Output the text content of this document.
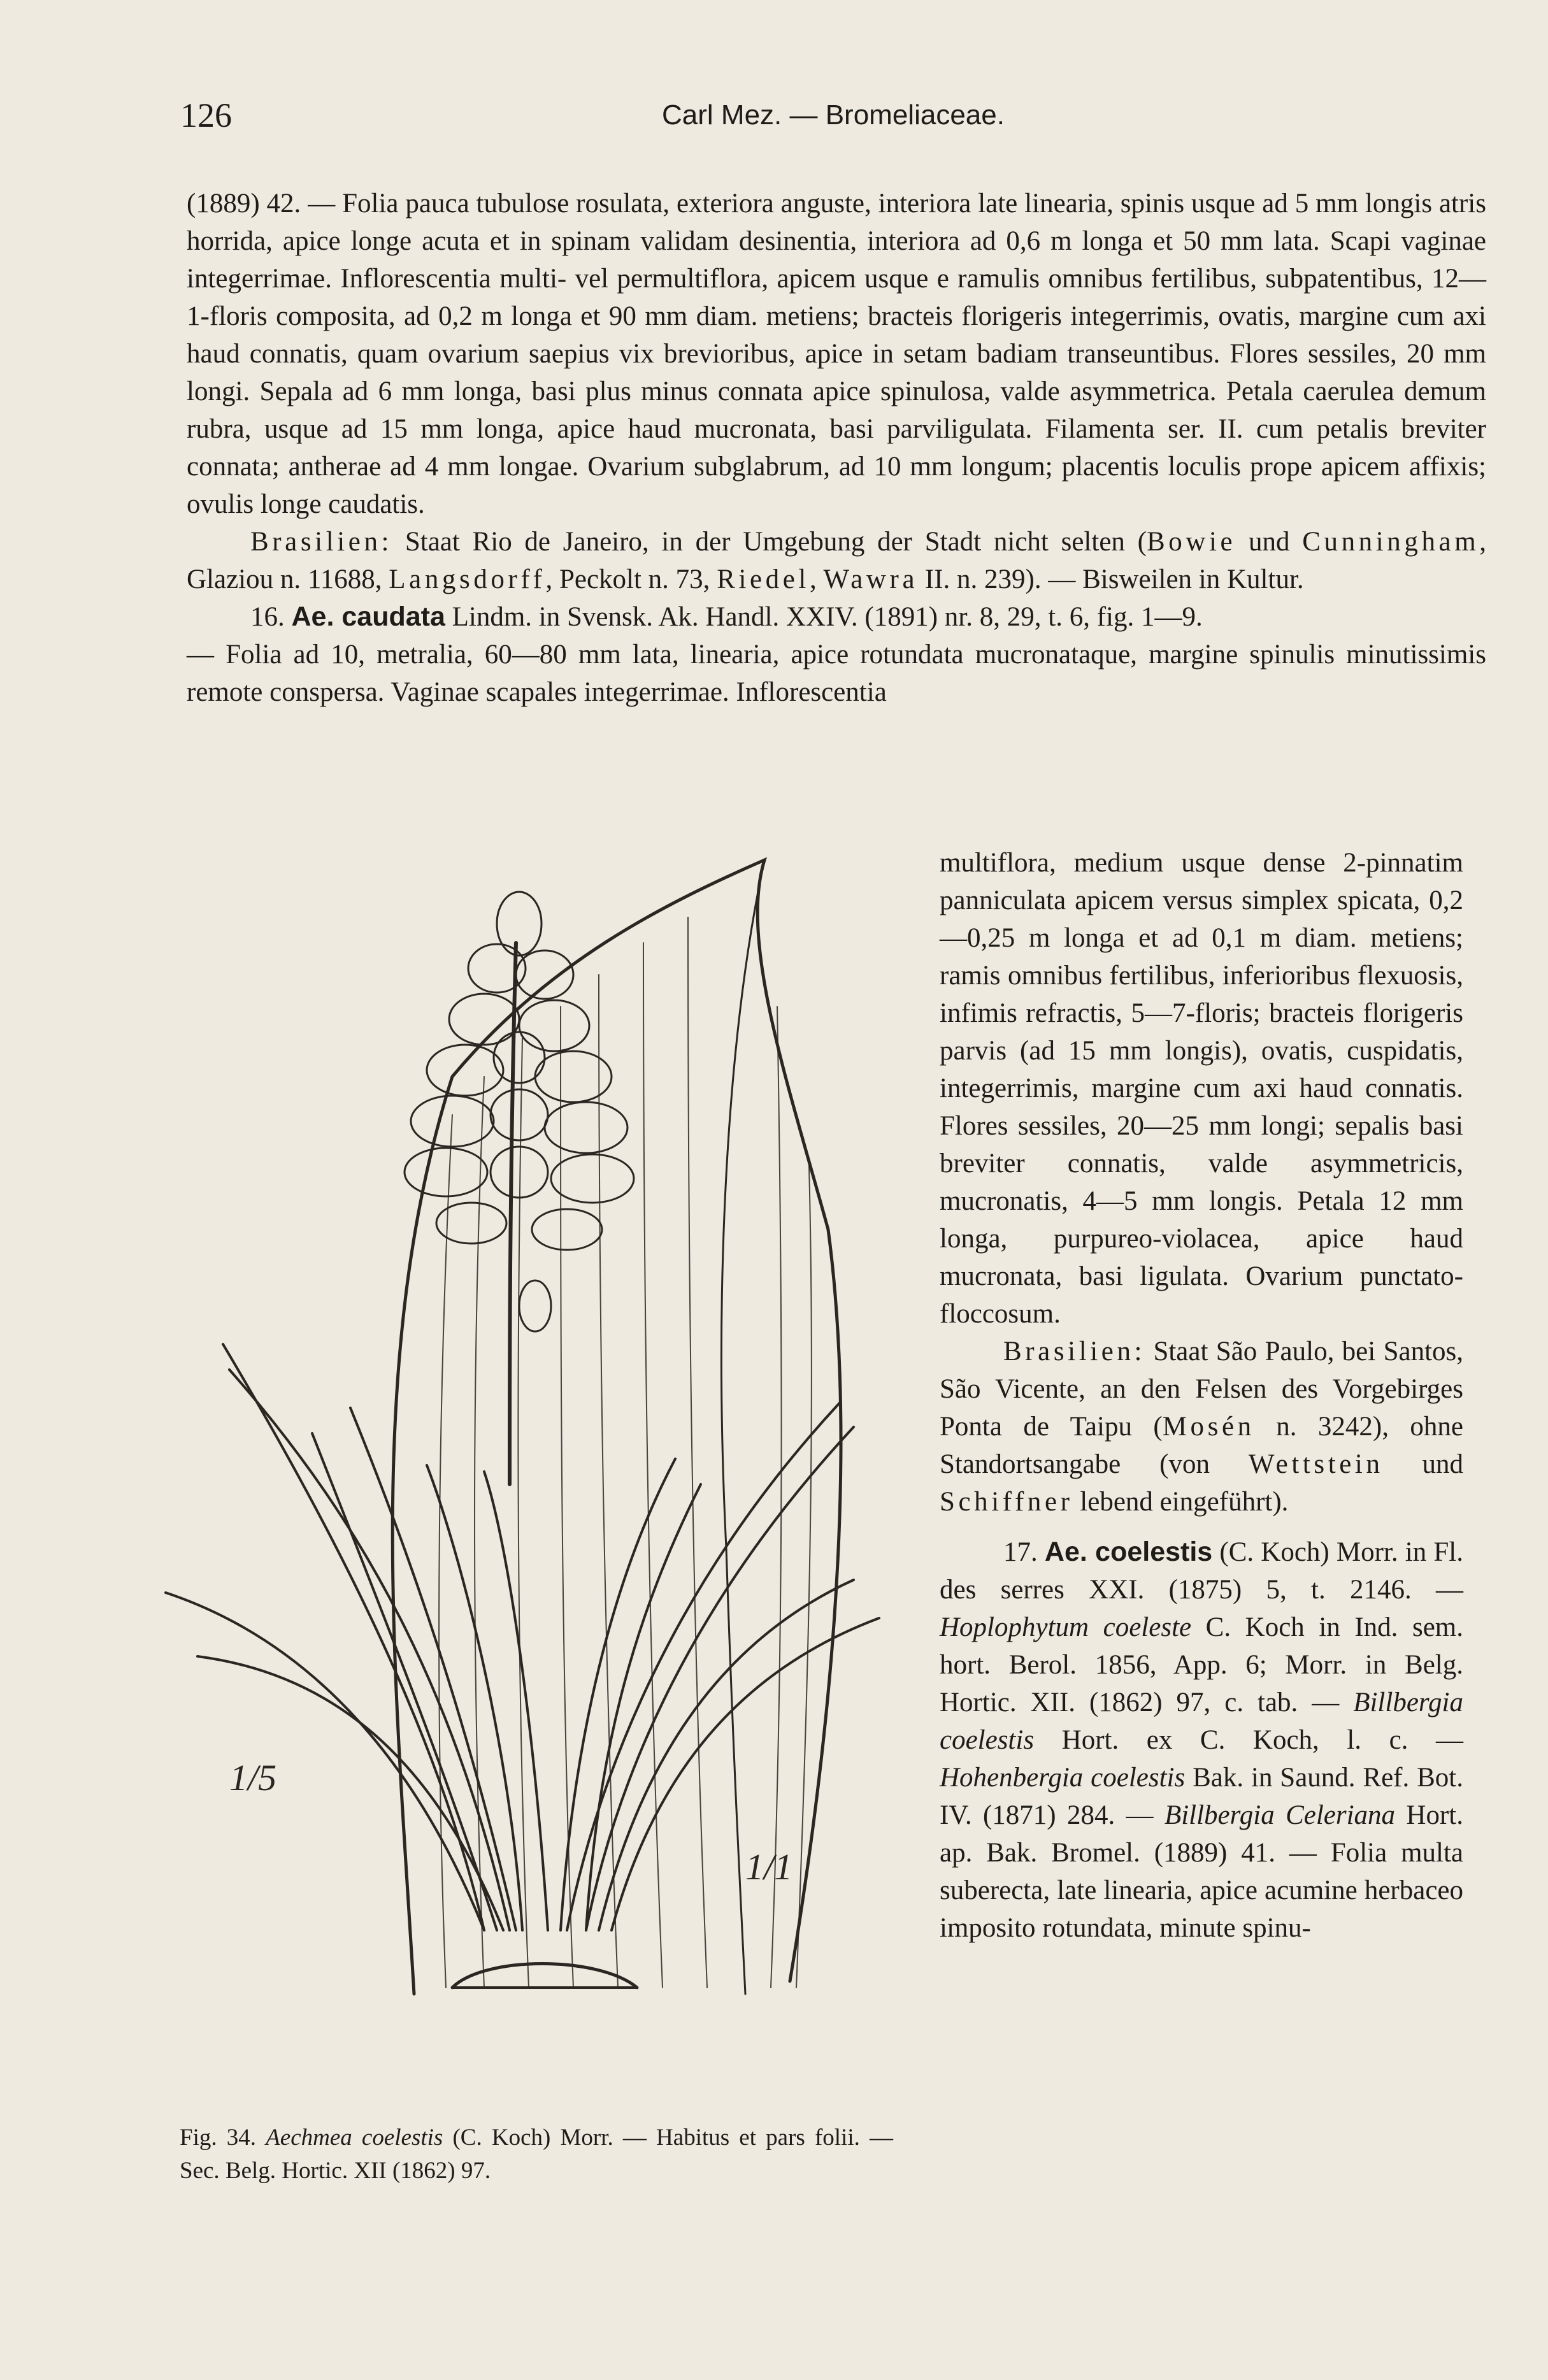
126	Carl Mez. — Bromeliaceae.

(1889) 42. — Folia pauca tubulose rosulata, exteriora anguste, interiora late linearia, spinis usque ad 5 mm longis atris horrida, apice longe acuta et in spinam validam desinentia, interiora ad 0,6 m longa et 50 mm lata. Scapi vaginae integerrimae. Inflorescentia multi- vel permultiflora, apicem usque e ramulis omnibus fertilibus, subpatentibus, 12—1-floris composita, ad 0,2 m longa et 90 mm diam. metiens; bracteis florigeris integerrimis, ovatis, margine cum axi haud connatis, quam ovarium saepius vix brevioribus, apice in setam badiam transeuntibus. Flores sessiles, 20 mm longi. Sepala ad 6 mm longa, basi plus minus connata apice spinulosa, valde asymmetrica. Petala caerulea demum rubra, usque ad 15 mm longa, apice haud mucronata, basi parviligulata. Filamenta ser. II. cum petalis breviter connata; antherae ad 4 mm longae. Ovarium subglabrum, ad 10 mm longum; placentis loculis prope apicem affixis; ovulis longe caudatis.

Brasilien: Staat Rio de Janeiro, in der Umgebung der Stadt nicht selten (Bowie und Cunningham, Glaziou n. 11688, Langsdorff, Peckolt n. 73, Riedel, Wawra II. n. 239). — Bisweilen in Kultur.

16. Ae. caudata Lindm. in Svensk. Ak. Handl. XXIV. (1891) nr. 8, 29, t. 6, fig. 1—9.

— Folia ad 10, metralia, 60—80 mm lata, linearia, apice rotundata mucronataque, margine spinulis minutissimis remote conspersa. Vaginae scapales integerrimae. Inflorescentia

multiflora, medium usque dense 2-pinnatim panniculata apicem versus simplex spicata, 0,2—0,25 m longa et ad 0,1 m diam. metiens; ramis omnibus fertilibus, inferioribus flexuosis, infimis refractis, 5—7-floris; bracteis florigeris parvis (ad 15 mm longis), ovatis, cuspidatis, integerrimis, margine cum axi haud connatis. Flores sessiles, 20—25 mm longi; sepalis basi breviter connatis, valde asymmetricis, mucronatis, 4—5 mm longis. Petala 12 mm longa, purpureo-violacea, apice haud mucronata, basi ligulata. Ovarium punctato-floccosum.

Brasilien: Staat São Paulo, bei Santos, São Vicente, an den Felsen des Vorgebirges Ponta de Taipu (Mosén n. 3242), ohne Standortsangabe (von Wettstein und Schiffner lebend eingeführt).

17. Ae. coelestis (C. Koch) Morr. in Fl. des serres XXI. (1875) 5, t. 2146. — Hoplophytum coeleste C. Koch in Ind. sem. hort. Berol. 1856, App. 6; Morr. in Belg. Hortic. XII. (1862) 97, c. tab. — Billbergia coelestis Hort. ex C. Koch, l. c. — Hohenbergia coelestis Bak. in Saund. Ref. Bot. IV. (1871) 284. — Billbergia Celeriana Hort. ap. Bak. Bromel. (1889) 41. — Folia multa suberecta, late linearia, apice acumine herbaceo imposito rotundata, minute spinu-

1/5
1/1
Fig. 34. Aechmea coelestis (C. Koch) Morr. — Habitus et pars folii. — Sec. Belg. Hortic. XII (1862) 97.
